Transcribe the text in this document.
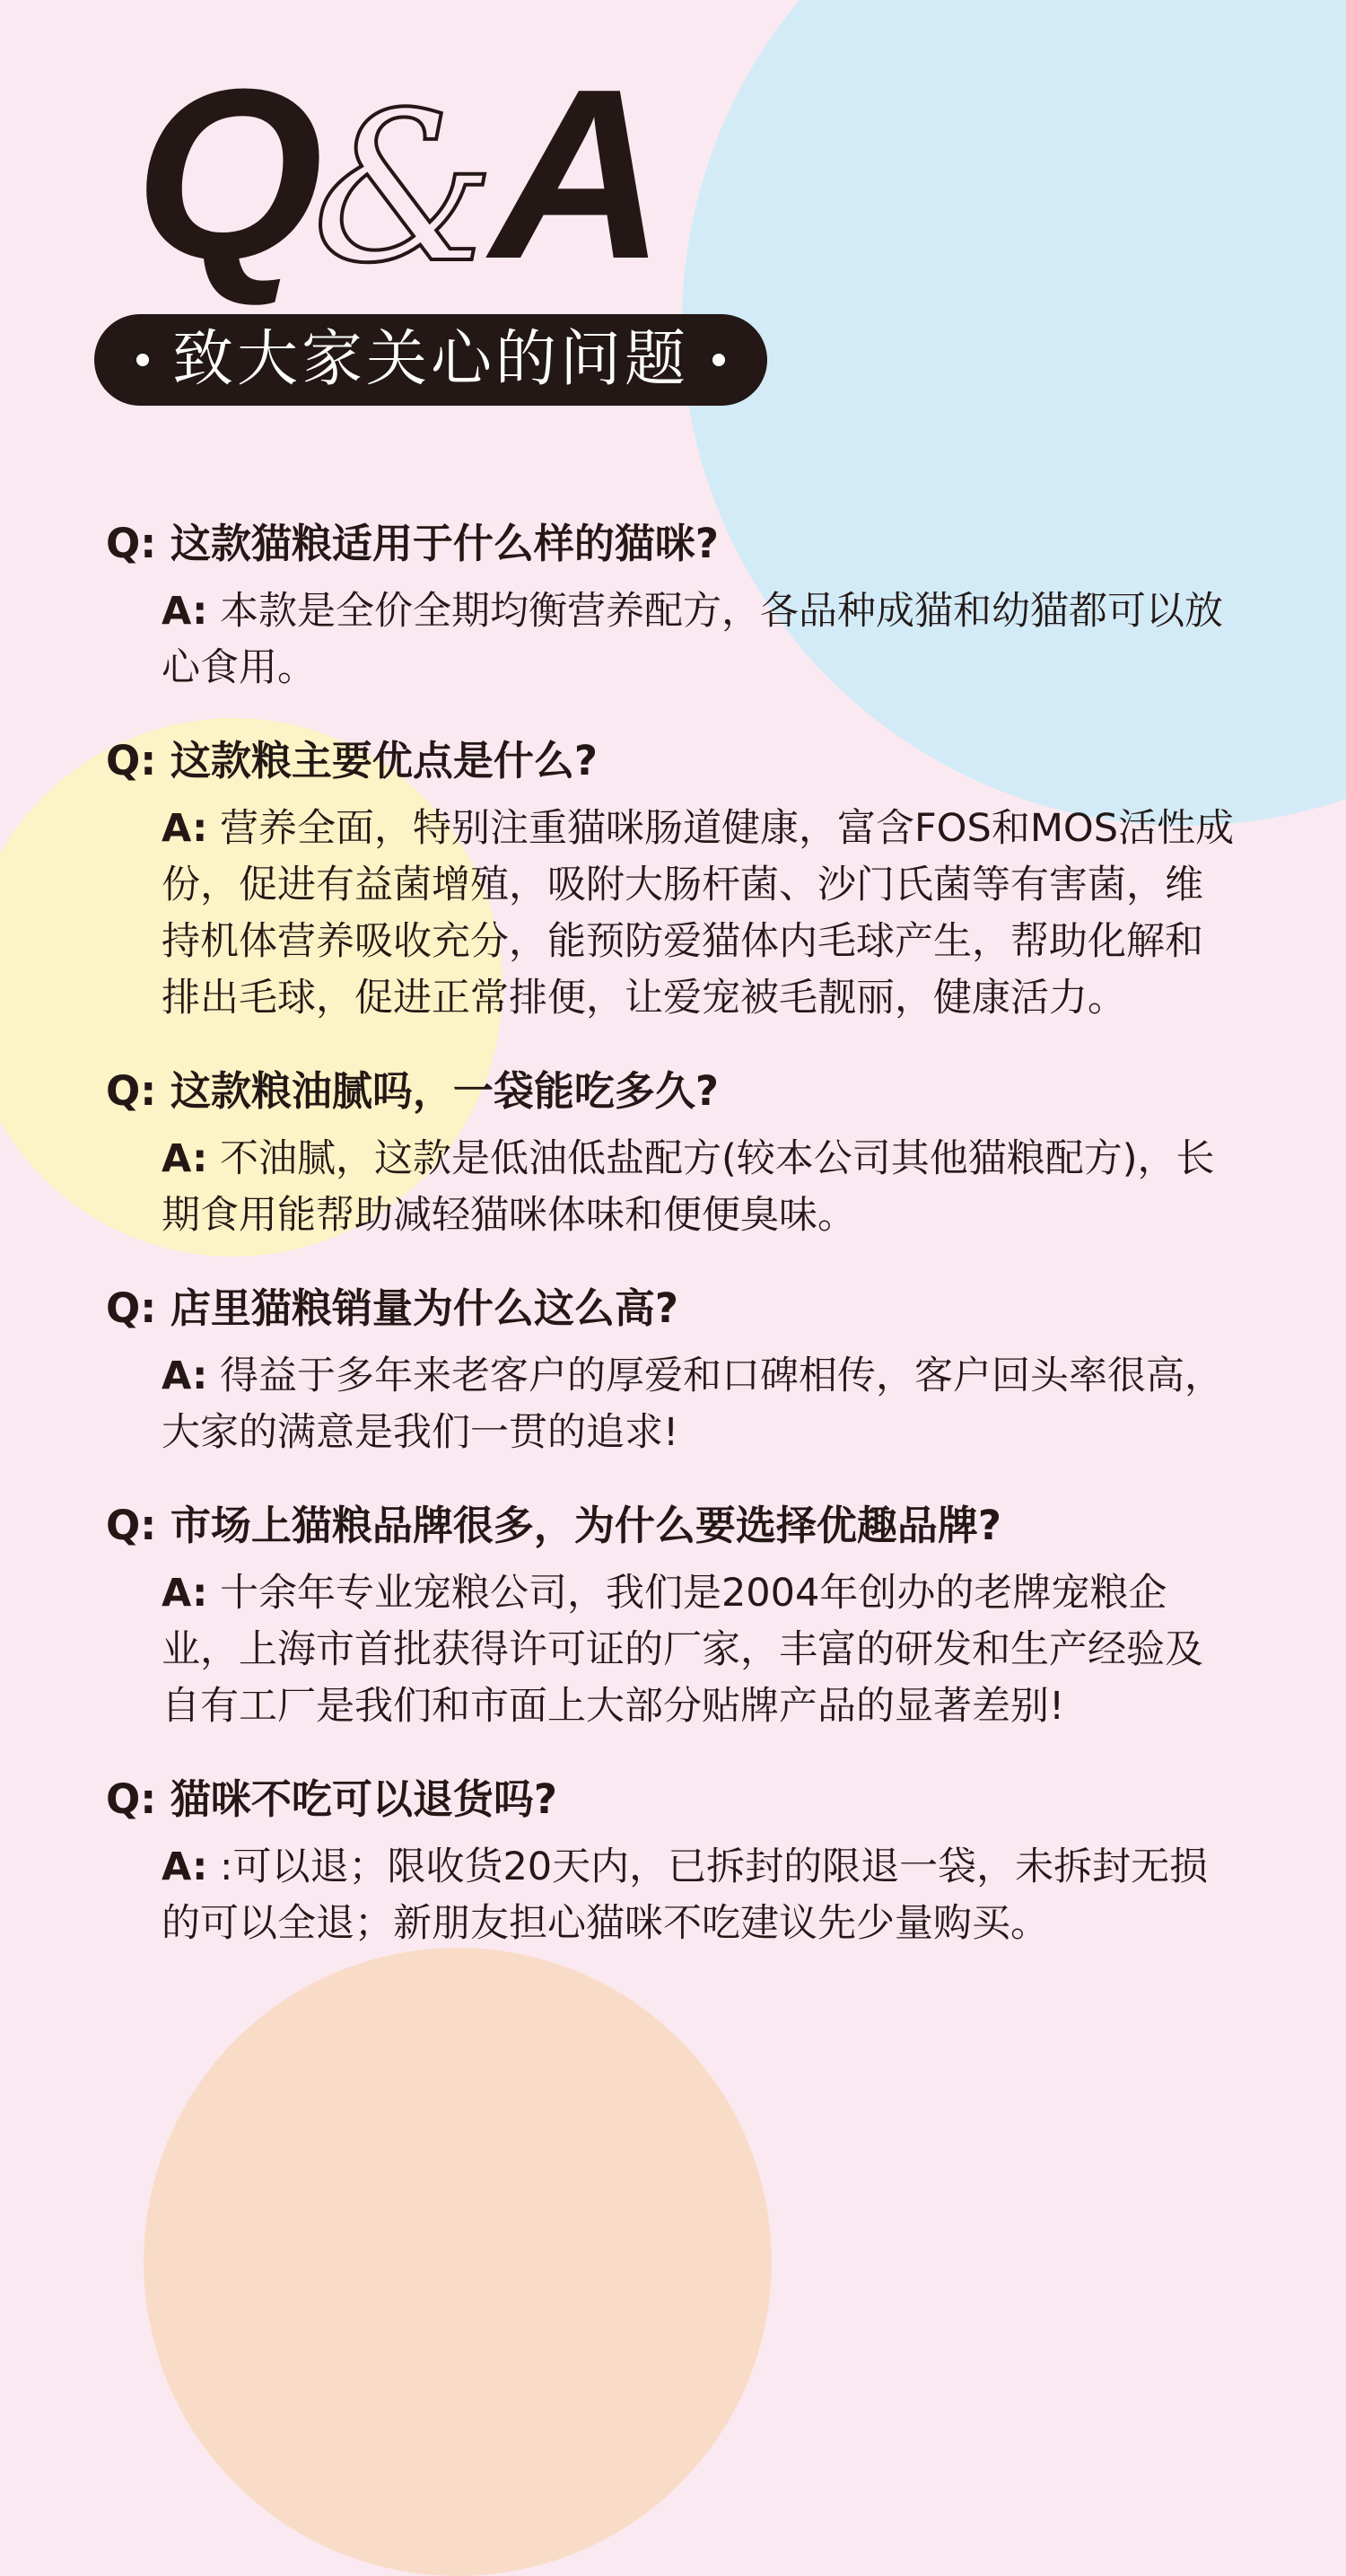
Q
&
A
致大家关心的问题
Q: 这款猫粮适用于什么样的猫咪?
A: 本款是全价全期均衡营养配方，各品种成猫和幼猫都可以放心食用。
Q: 这款粮主要优点是什么?
A: 营养全面，特别注重猫咪肠道健康，富含FOS和MOS活性成份，促进有益菌增殖，吸附大肠杆菌、沙门氏菌等有害菌，维持机体营养吸收充分，能预防爱猫体内毛球产生，帮助化解和排出毛球，促进正常排便，让爱宠被毛靓丽，健康活力。
Q: 这款粮油腻吗，一袋能吃多久?
A: 不油腻，这款是低油低盐配方(较本公司其他猫粮配方)，长期食用能帮助减轻猫咪体味和便便臭味。
Q: 店里猫粮销量为什么这么高?
A: 得益于多年来老客户的厚爱和口碑相传，客户回头率很高，大家的满意是我们一贯的追求!
Q: 市场上猫粮品牌很多，为什么要选择优趣品牌?
A: 十余年专业宠粮公司，我们是2004年创办的老牌宠粮企业，上海市首批获得许可证的厂家，丰富的研发和生产经验及自有工厂是我们和市面上大部分贴牌产品的显著差别!
Q: 猫咪不吃可以退货吗?
A: :可以退；限收货20天内，已拆封的限退一袋，未拆封无损的可以全退；新朋友担心猫咪不吃建议先少量购买。
